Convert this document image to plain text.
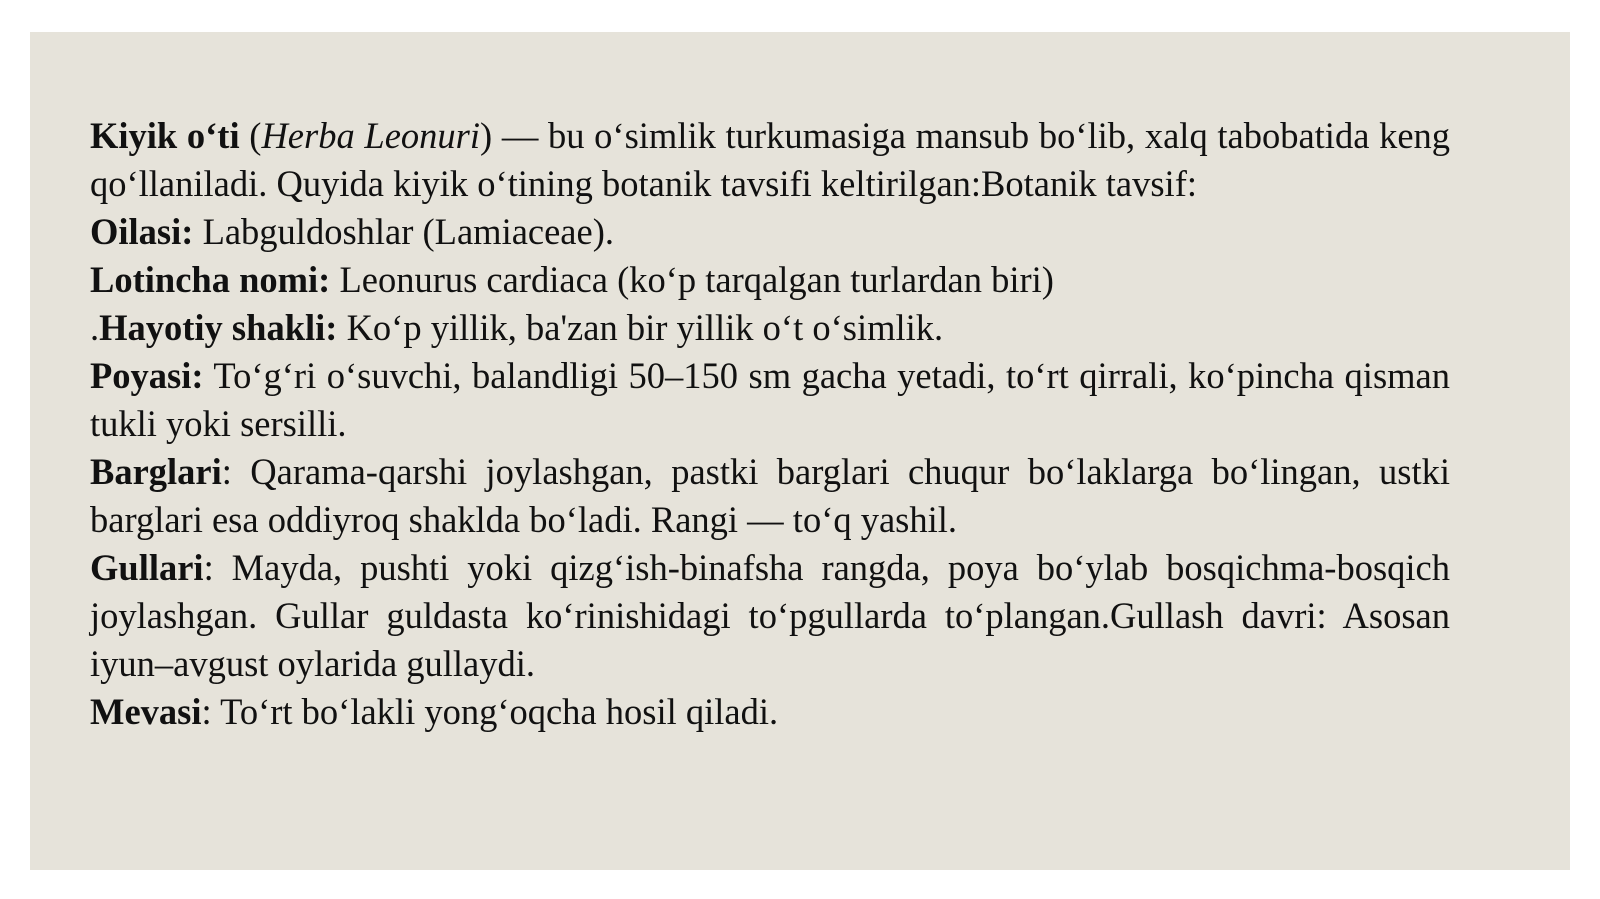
Kiyik o‘ti (Herba Leonuri) — bu o‘simlik turkumasiga mansub bo‘lib, xalq tabobatida keng qo‘llaniladi. Quyida kiyik o‘tining botanik tavsifi keltirilgan:Botanik tavsif:

Oilasi: Labguldoshlar (Lamiaceae).

Lotincha nomi: Leonurus cardiaca (ko‘p tarqalgan turlardan biri)

.Hayotiy shakli: Ko‘p yillik, ba'zan bir yillik o‘t o‘simlik.

Poyasi: To‘g‘ri o‘suvchi, balandligi 50–150 sm gacha yetadi, to‘rt qirrali, ko‘pincha qisman tukli yoki sersilli.

Barglari: Qarama-qarshi joylashgan, pastki barglari chuqur bo‘laklarga bo‘lingan, ustki barglari esa oddiyroq shaklda bo‘ladi. Rangi — to‘q yashil.

Gullari: Mayda, pushti yoki qizg‘ish-binafsha rangda, poya bo‘ylab bosqichma-bosqich joylashgan. Gullar guldasta ko‘rinishidagi to‘pgullarda to‘plangan.Gullash davri: Asosan iyun–avgust oylarida gullaydi.

Mevasi: To‘rt bo‘lakli yong‘oqcha hosil qiladi.
